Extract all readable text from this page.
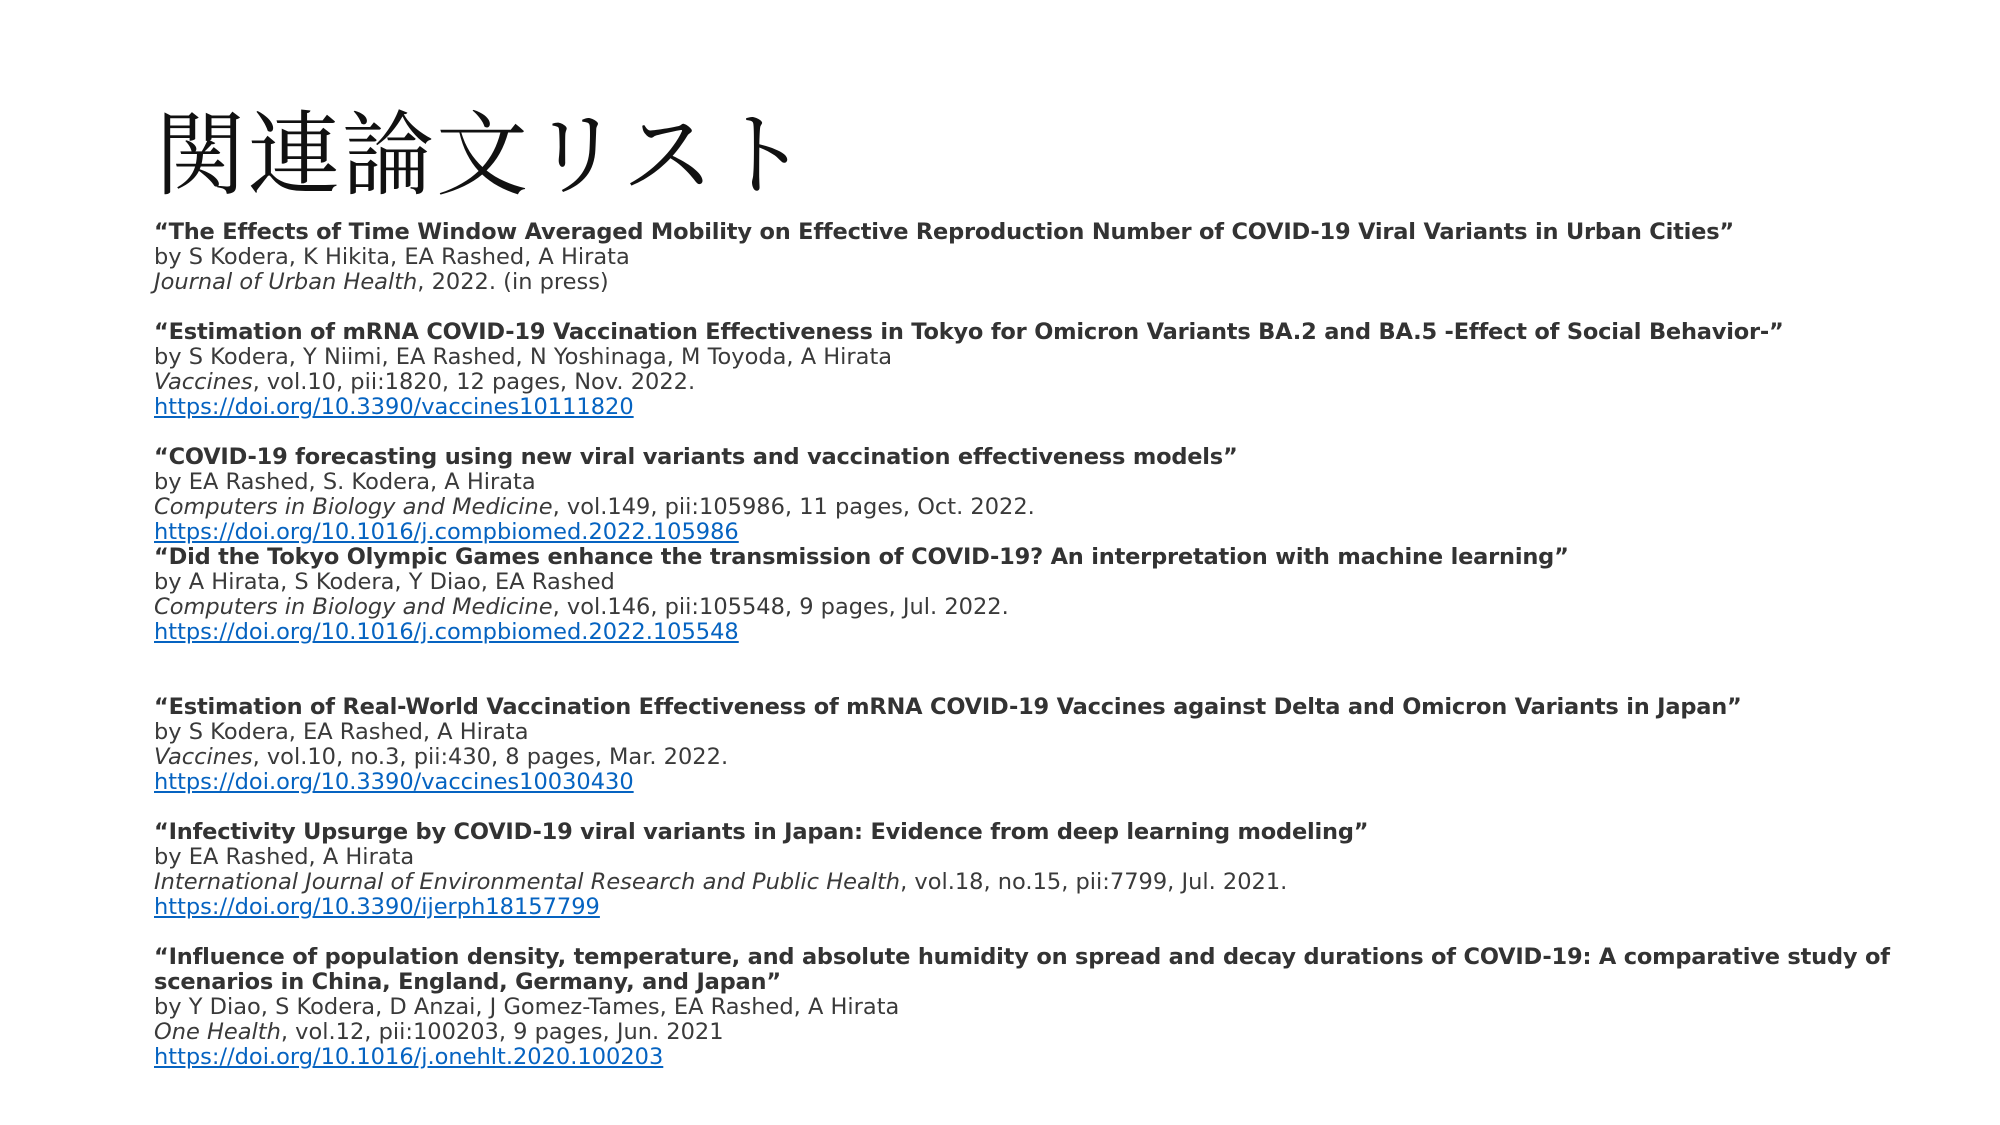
関連論文リスト
“The Effects of Time Window Averaged Mobility on Effective Reproduction Number of COVID-19 Viral Variants in Urban Cities”
by S Kodera, K Hikita, EA Rashed, A Hirata
Journal of Urban Health, 2022. (in press)
“Estimation of mRNA COVID-19 Vaccination Effectiveness in Tokyo for Omicron Variants BA.2 and BA.5 -Effect of Social Behavior-”
by S Kodera, Y Niimi, EA Rashed, N Yoshinaga, M Toyoda, A Hirata
Vaccines, vol.10, pii:1820, 12 pages, Nov. 2022.
https://doi.org/10.3390/vaccines10111820
“COVID-19 forecasting using new viral variants and vaccination effectiveness models”
by EA Rashed, S. Kodera, A Hirata
Computers in Biology and Medicine, vol.149, pii:105986, 11 pages, Oct. 2022.
https://doi.org/10.1016/j.compbiomed.2022.105986
“Did the Tokyo Olympic Games enhance the transmission of COVID-19? An interpretation with machine learning”
by A Hirata, S Kodera, Y Diao, EA Rashed
Computers in Biology and Medicine, vol.146, pii:105548, 9 pages, Jul. 2022.
https://doi.org/10.1016/j.compbiomed.2022.105548
“Estimation of Real-World Vaccination Effectiveness of mRNA COVID-19 Vaccines against Delta and Omicron Variants in Japan”
by S Kodera, EA Rashed, A Hirata
Vaccines, vol.10, no.3, pii:430, 8 pages, Mar. 2022.
https://doi.org/10.3390/vaccines10030430
“Infectivity Upsurge by COVID-19 viral variants in Japan: Evidence from deep learning modeling”
by EA Rashed, A Hirata
International Journal of Environmental Research and Public Health, vol.18, no.15, pii:7799, Jul. 2021.
https://doi.org/10.3390/ijerph18157799
“Influence of population density, temperature, and absolute humidity on spread and decay durations of COVID-19: A comparative study of scenarios in China, England, Germany, and Japan”
by Y Diao, S Kodera, D Anzai, J Gomez-Tames, EA Rashed, A Hirata
One Health, vol.12, pii:100203, 9 pages, Jun. 2021
https://doi.org/10.1016/j.onehlt.2020.100203
